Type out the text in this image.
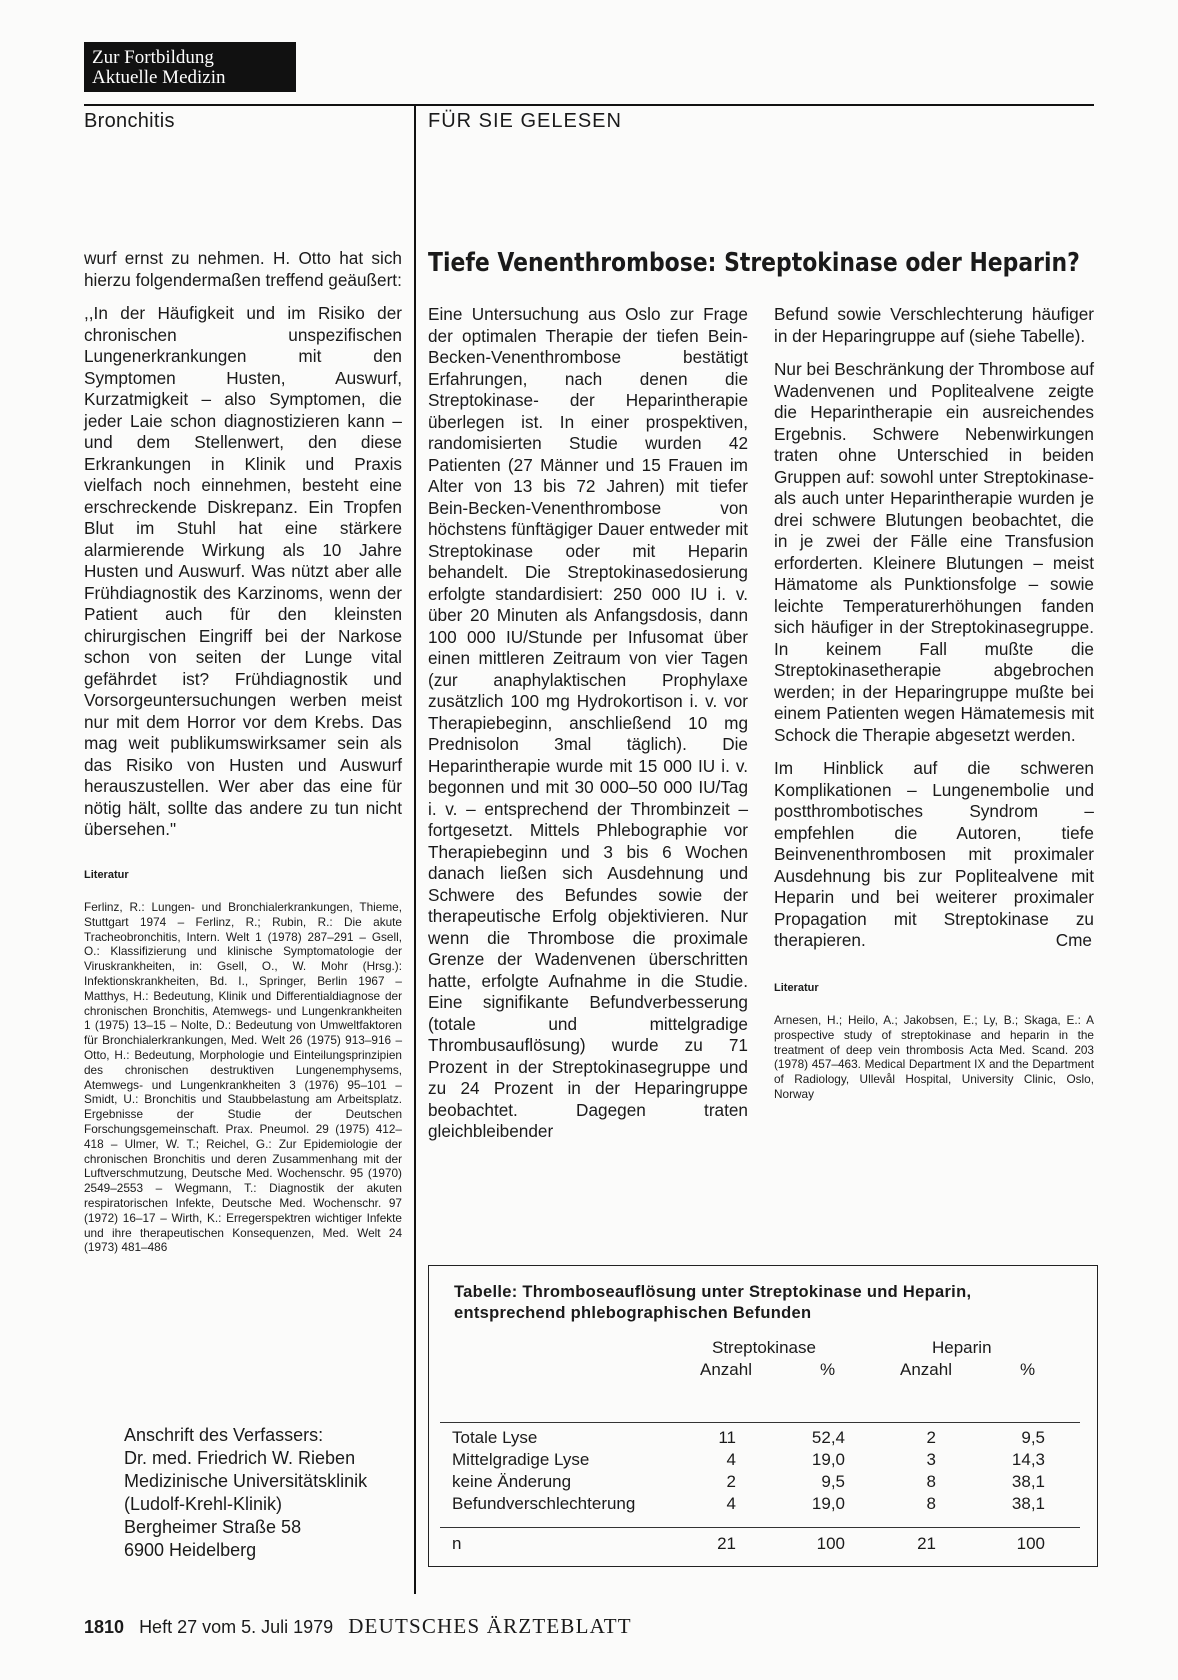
Zur Fortbildung
Aktuelle Medizin
Bronchitis	FÜR SIE GELESEN

wurf ernst zu nehmen. H. Otto hat sich hierzu folgendermaßen treffend geäußert:

,,In der Häufigkeit und im Risiko der chronischen unspezifischen Lungenerkrankungen mit den Symptomen Husten, Auswurf, Kurzatmigkeit – also Symptomen, die jeder Laie schon diagnostizieren kann – und dem Stellenwert, den diese Erkrankungen in Klinik und Praxis vielfach noch einnehmen, besteht eine erschreckende Diskrepanz. Ein Tropfen Blut im Stuhl hat eine stärkere alarmierende Wirkung als 10 Jahre Husten und Auswurf. Was nützt aber alle Frühdiagnostik des Karzinoms, wenn der Patient auch für den kleinsten chirurgischen Eingriff bei der Narkose schon von seiten der Lunge vital gefährdet ist? Frühdiagnostik und Vorsorgeuntersuchungen werben meist nur mit dem Horror vor dem Krebs. Das mag weit publikumswirksamer sein als das Risiko von Husten und Auswurf herauszustellen. Wer aber das eine für nötig hält, sollte das andere zu tun nicht übersehen."

Literatur
Ferlinz, R.: Lungen- und Bronchialerkrankungen, Thieme, Stuttgart 1974 – Ferlinz, R.; Rubin, R.: Die akute Tracheobronchitis, Intern. Welt 1 (1978) 287–291 – Gsell, O.: Klassifizierung und klinische Symptomatologie der Viruskrankheiten, in: Gsell, O., W. Mohr (Hrsg.): Infektionskrankheiten, Bd. I., Springer, Berlin 1967 – Matthys, H.: Bedeutung, Klinik und Differentialdiagnose der chronischen Bronchitis, Atemwegs- und Lungenkrankheiten 1 (1975) 13–15 – Nolte, D.: Bedeutung von Umweltfaktoren für Bronchialerkrankungen, Med. Welt 26 (1975) 913–916 – Otto, H.: Bedeutung, Morphologie und Einteilungsprinzipien des chronischen destruktiven Lungenemphysems, Atemwegs- und Lungenkrankheiten 3 (1976) 95–101 – Smidt, U.: Bronchitis und Staubbelastung am Arbeitsplatz. Ergebnisse der Studie der Deutschen Forschungsgemeinschaft. Prax. Pneumol. 29 (1975) 412–418 – Ulmer, W. T.; Reichel, G.: Zur Epidemiologie der chronischen Bronchitis und deren Zusammenhang mit der Luftverschmutzung, Deutsche Med. Wochenschr. 95 (1970) 2549–2553 – Wegmann, T.: Diagnostik der akuten respiratorischen Infekte, Deutsche Med. Wochenschr. 97 (1972) 16–17 – Wirth, K.: Erregerspektren wichtiger Infekte und ihre therapeutischen Konsequenzen, Med. Welt 24 (1973) 481–486
Anschrift des Verfassers:
Dr. med. Friedrich W. Rieben
Medizinische Universitätsklinik
(Ludolf-Krehl-Klinik)
Bergheimer Straße 58
6900 Heidelberg
Tiefe Venenthrombose: Streptokinase oder Heparin?

Eine Untersuchung aus Oslo zur Frage der optimalen Therapie der tiefen Bein-Becken-Venenthrombose bestätigt Erfahrungen, nach denen die Streptokinase- der Heparintherapie überlegen ist. In einer prospektiven, randomisierten Studie wurden 42 Patienten (27 Männer und 15 Frauen im Alter von 13 bis 72 Jahren) mit tiefer Bein-Becken-Venenthrombose von höchstens fünftägiger Dauer entweder mit Streptokinase oder mit Heparin behandelt. Die Streptokinasedosierung erfolgte standardisiert: 250 000 IU i. v. über 20 Minuten als Anfangsdosis, dann 100 000 IU/Stunde per Infusomat über einen mittleren Zeitraum von vier Tagen (zur anaphylaktischen Prophylaxe zusätzlich 100 mg Hydrokortison i. v. vor Therapiebeginn, anschließend 10 mg Prednisolon 3mal täglich). Die Heparintherapie wurde mit 15 000 IU i. v. begonnen und mit 30 000–50 000 IU/Tag i. v. – entsprechend der Thrombinzeit – fortgesetzt. Mittels Phlebographie vor Therapiebeginn und 3 bis 6 Wochen danach ließen sich Ausdehnung und Schwere des Befundes sowie der therapeutische Erfolg objektivieren. Nur wenn die Thrombose die proximale Grenze der Wadenvenen überschritten hatte, erfolgte Aufnahme in die Studie. Eine signifikante Befundverbesserung (totale und mittelgradige Thrombusauflösung) wurde zu 71 Prozent in der Streptokinasegruppe und zu 24 Prozent in der Heparingruppe beobachtet. Dagegen traten gleichbleibender

Befund sowie Verschlechterung häufiger in der Heparingruppe auf (siehe Tabelle).

Nur bei Beschränkung der Thrombose auf Wadenvenen und Poplitealvene zeigte die Heparintherapie ein ausreichendes Ergebnis. Schwere Nebenwirkungen traten ohne Unterschied in beiden Gruppen auf: sowohl unter Streptokinase- als auch unter Heparintherapie wurden je drei schwere Blutungen beobachtet, die in je zwei der Fälle eine Transfusion erforderten. Kleinere Blutungen – meist Hämatome als Punktionsfolge – sowie leichte Temperaturerhöhungen fanden sich häufiger in der Streptokinasegruppe. In keinem Fall mußte die Streptokinasetherapie abgebrochen werden; in der Heparingruppe mußte bei einem Patienten wegen Hämatemesis mit Schock die Therapie abgesetzt werden.

Im Hinblick auf die schweren Komplikationen – Lungenembolie und postthrombotisches Syndrom – empfehlen die Autoren, tiefe Beinvenenthrombosen mit proximaler Ausdehnung bis zur Poplitealvene mit Heparin und bei weiterer proximaler Propagation mit Streptokinase zu therapieren.	Cme

Literatur
Arnesen, H.; Heilo, A.; Jakobsen, E.; Ly, B.; Skaga, E.: A prospective study of streptokinase and heparin in the treatment of deep vein thrombosis Acta Med. Scand. 203 (1978) 457–463. Medical Department IX and the Department of Radiology, Ullevål Hospital, University Clinic, Oslo, Norway
Tabelle: Thromboseauflösung unter Streptokinase und Heparin,
entsprechend phlebographischen Befunden
Streptokinase	Heparin
Anzahl	%	Anzahl	%
Totale Lyse	11	52,4	2	9,5
Mittelgradige Lyse	4	19,0	3	14,3
keine Änderung	2	9,5	8	38,1
Befundverschlechterung	4	19,0	8	38,1
n	21	100	21	100
1810 Heft 27 vom 5. Juli 1979 DEUTSCHES ÄRZTEBLATT
